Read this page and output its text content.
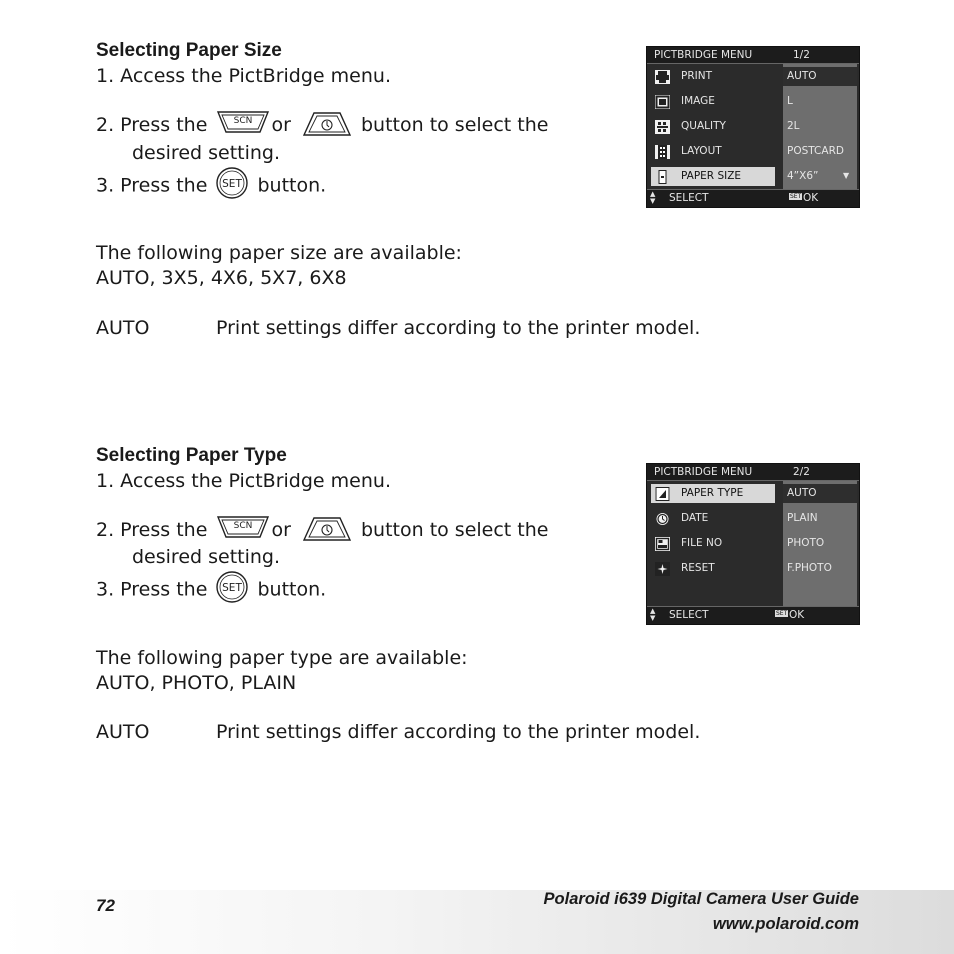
Selecting Paper Size
1. Access the PictBridge menu.
2. Press the	SCN or	button to select the
desired setting.
3. Press the SET button.
The following paper size are available:
AUTO, 3X5, 4X6, 5X7, 6X8
AUTO	Print settings differ according to the printer model.
PICTBRIDGE MENU	1/2
PRINT	AUTO
IMAGE	L
QUALITY	2L
LAYOUT	POSTCARD
PAPER SIZE	4”X6”	▼
▲
▼ SELECT	SET OK
Selecting Paper Type
1. Access the PictBridge menu.
2. Press the	SCN or	button to select the
desired setting.
3. Press the SET button.
The following paper type are available:
AUTO, PHOTO, PLAIN
AUTO	Print settings differ according to the printer model.
PICTBRIDGE MENU	2/2
PAPER TYPE	AUTO
DATE	PLAIN
FILE NO	PHOTO
RESET	F.PHOTO
▲
▼ SELECT	SET OK
72	Polaroid i639 Digital Camera User Guide
www.polaroid.com
